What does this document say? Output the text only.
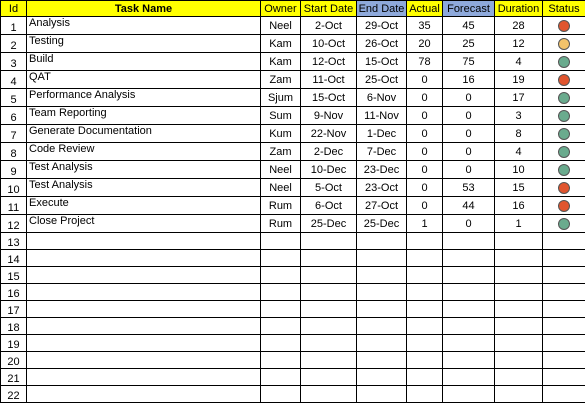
Id	Task Name	Owner	Start Date	End Date	Actual	Forecast	Duration	Status
1	Analysis	Neel	2-Oct	29-Oct	35	45	28	
2	Testing	Kam	10-Oct	26-Oct	20	25	12	
3	Build	Kam	12-Oct	15-Oct	78	75	4	
4	QAT	Zam	11-Oct	25-Oct	0	16	19	
5	Performance Analysis	Sjum	15-Oct	6-Nov	0	0	17	
6	Team Reporting	Sum	9-Nov	11-Nov	0	0	3	
7	Generate Documentation	Kum	22-Nov	1-Dec	0	0	8	
8	Code Review	Zam	2-Dec	7-Dec	0	0	4	
9	Test Analysis	Neel	10-Dec	23-Dec	0	0	10	
10	Test Analysis	Neel	5-Oct	23-Oct	0	53	15	
11	Execute	Rum	6-Oct	27-Oct	0	44	16	
12	Close Project	Rum	25-Dec	25-Dec	1	0	1	
13								
14								
15								
16								
17								
18								
19								
20								
21								
22								
